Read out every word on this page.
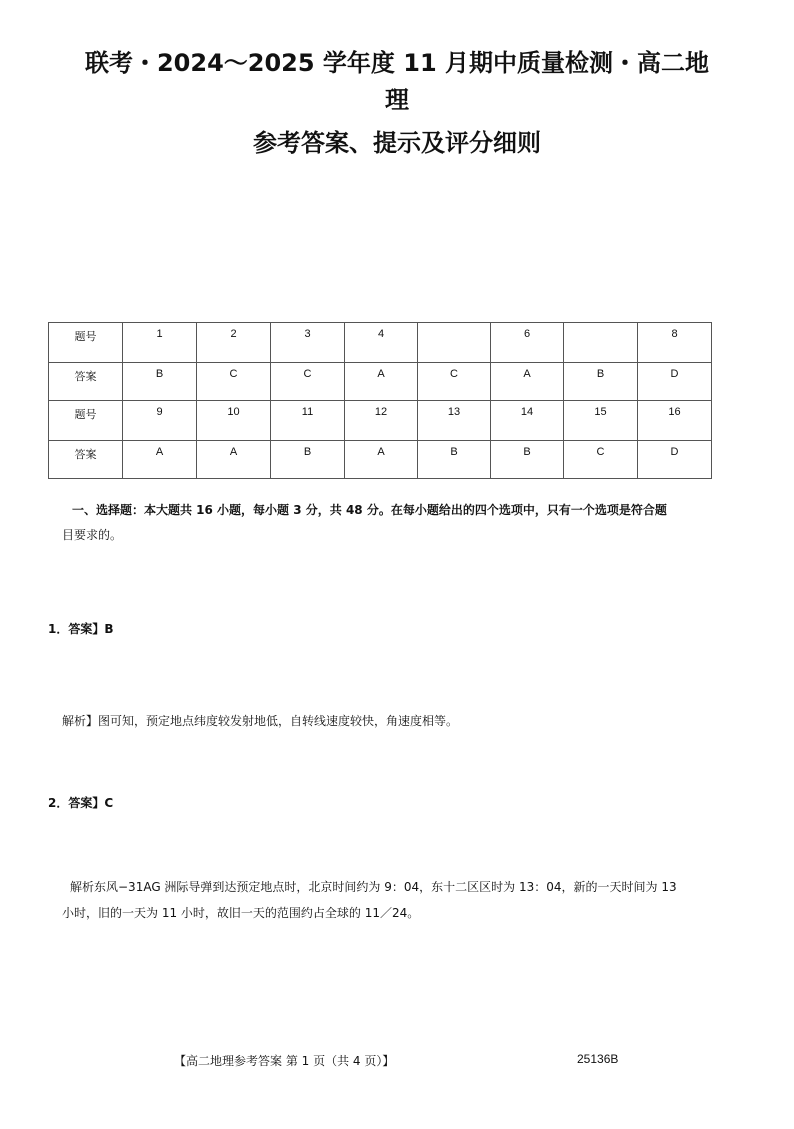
联考・2024～2025 学年度 11 月期中质量检测・高二地
理
参考答案、提示及评分细则
题号	1	2	3	4		6		8
答案	B	C	C	A	C	A	B	D
题号	9	10	11	12	13	14	15	16
答案	A	A	B	A	B	B	C	D
一、选择题：本大题共 16 小题，每小题 3 分，共 48 分。在每小题给出的四个选项中，只有一个选项是符合题
目要求的。
1．答案】B
解析】图可知，预定地点纬度较发射地低，自转线速度较快，角速度相等。
2．答案】C
解析东风−31AG 洲际导弹到达预定地点时，北京时间约为 9：04，东十二区区时为 13：04，新的一天时间为 13
小时，旧的一天为 11 小时，故旧一天的范围约占全球的 11／24。
【高二地理参考答案 第 1 页（共 4 页）】	25136B
